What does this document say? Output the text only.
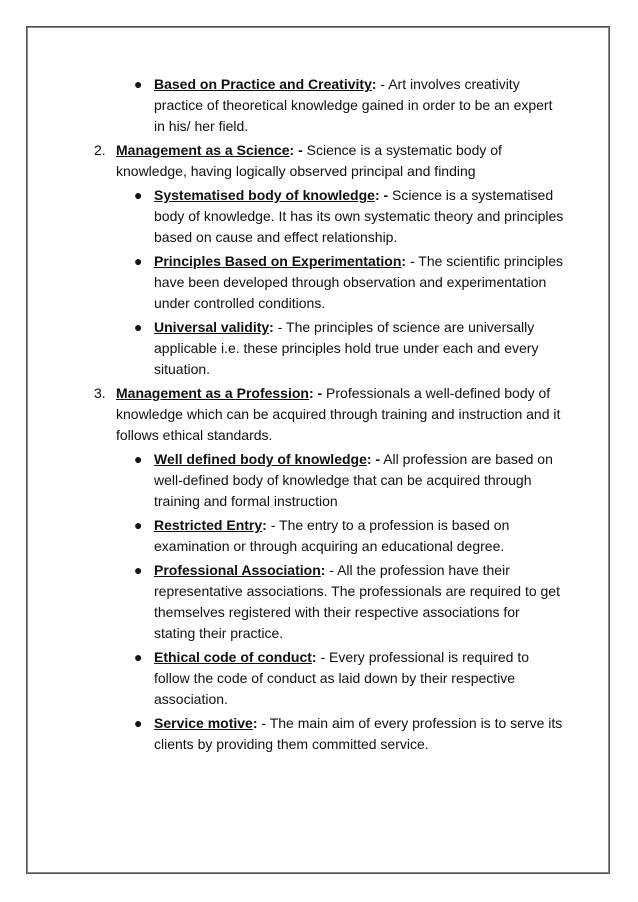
● Based on Practice and Creativity: - Art involves creativity practice of theoretical knowledge gained in order to be an expert in his/ her field.
2. Management as a Science: - Science is a systematic body of knowledge, having logically observed principal and finding
● Systematised body of knowledge: - Science is a systematised body of knowledge. It has its own systematic theory and principles based on cause and effect relationship.
● Principles Based on Experimentation: - The scientific principles have been developed through observation and experimentation under controlled conditions.
● Universal validity: - The principles of science are universally applicable i.e. these principles hold true under each and every situation.
3. Management as a Profession: - Professionals a well-defined body of knowledge which can be acquired through training and instruction and it follows ethical standards.
● Well defined body of knowledge: - All profession are based on well-defined body of knowledge that can be acquired through training and formal instruction
● Restricted Entry: - The entry to a profession is based on examination or through acquiring an educational degree.
● Professional Association: - All the profession have their representative associations. The professionals are required to get themselves registered with their respective associations for stating their practice.
● Ethical code of conduct: - Every professional is required to follow the code of conduct as laid down by their respective association.
● Service motive: - The main aim of every profession is to serve its clients by providing them committed service.
